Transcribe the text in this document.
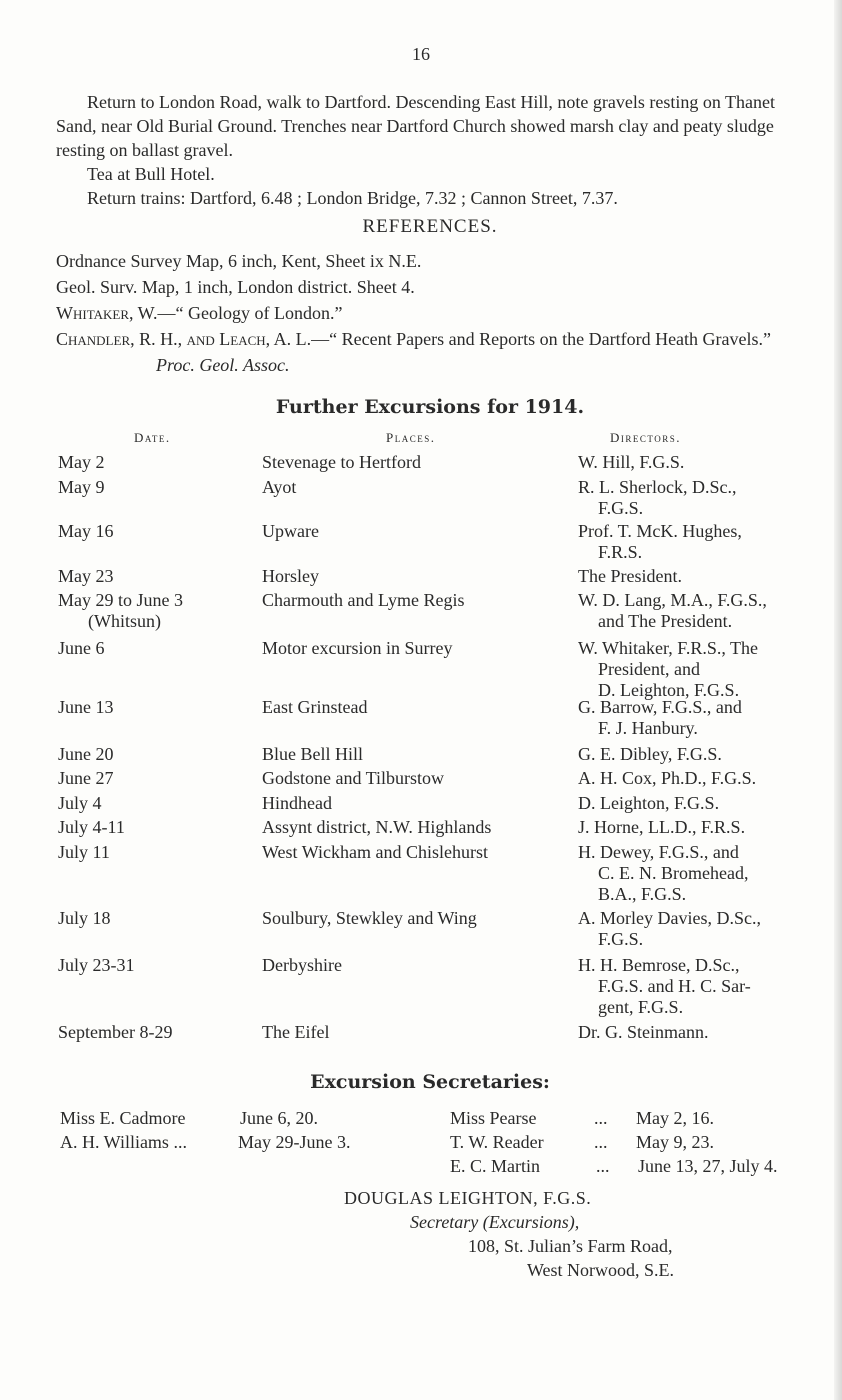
16

Return to London Road, walk to Dartford. Descending East Hill, note gravels resting on Thanet Sand, near Old Burial Ground. Trenches near Dartford Church showed marsh clay and peaty sludge resting on ballast gravel.

Tea at Bull Hotel.

Return trains: Dartford, 6.48 ; London Bridge, 7.32 ; Cannon Street, 7.37.

REFERENCES.

Ordnance Survey Map, 6 inch, Kent, Sheet ix N.E.

Geol. Surv. Map, 1 inch, London district. Sheet 4.

Whitaker, W.—“ Geology of London.”

Chandler, R. H., and Leach, A. L.—“ Recent Papers and Reports on the Dartford Heath Gravels.” Proc. Geol. Assoc.

Further Excursions for 1914.
Date.	Places.	Directors.
May 2	Stevenage to Hertford	W. Hill, F.G.S.
May 9	Ayot	R. L. Sherlock, D.Sc.,
F.G.S.
May 16	Upware	Prof. T. McK. Hughes,
F.R.S.
May 23	Horsley	The President.
May 29 to June 3
(Whitsun)
Charmouth and Lyme Regis	W. D. Lang, M.A., F.G.S.,
and The President.
June 6	Motor excursion in Surrey	W. Whitaker, F.R.S., The
President, and
D. Leighton, F.G.S.
June 13	East Grinstead	G. Barrow, F.G.S., and
F. J. Hanbury.
June 20	Blue Bell Hill	G. E. Dibley, F.G.S.
June 27	Godstone and Tilburstow	A. H. Cox, Ph.D., F.G.S.
July 4	Hindhead	D. Leighton, F.G.S.
July 4-11	Assynt district, N.W. Highlands	J. Horne, LL.D., F.R.S.
July 11	West Wickham and Chislehurst	H. Dewey, F.G.S., and
C. E. N. Bromehead,
B.A., F.G.S.
July 18	Soulbury, Stewkley and Wing	A. Morley Davies, D.Sc.,
F.G.S.
July 23-31	Derbyshire	H. H. Bemrose, D.Sc.,
F.G.S. and H. C. Sar-
gent, F.G.S.
September 8-29	The Eifel	Dr. G. Steinmann.
Excursion Secretaries:
Miss E. Cadmore	June 6, 20.
A. H. Williams ...	May 29-June 3.
Miss Pearse	... May 2, 16.
T. W. Reader	... May 9, 23.
E. C. Martin	... June 13, 27, July 4.
DOUGLAS LEIGHTON, F.G.S.
Secretary (Excursions),
108, St. Julian’s Farm Road,
West Norwood, S.E.
